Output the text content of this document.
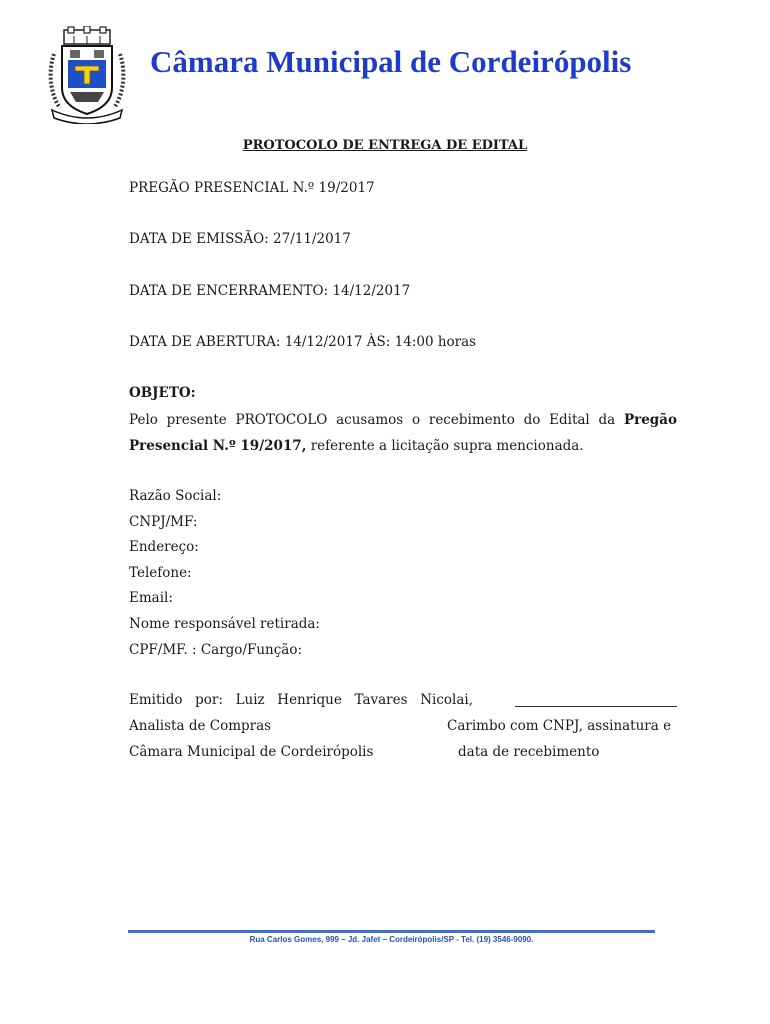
Câmara Municipal de Cordeirópolis
PROTOCOLO DE ENTREGA DE EDITAL
PREGÃO PRESENCIAL N.º 19/2017
DATA DE EMISSÃO: 27/11/2017
DATA DE ENCERRAMENTO: 14/12/2017
DATA DE ABERTURA: 14/12/2017 ÀS: 14:00 horas
OBJETO:
Pelo presente PROTOCOLO acusamos o recebimento do Edital da Pregão Presencial N.º 19/2017, referente a licitação supra mencionada.
Razão Social:
CNPJ/MF:
Endereço:
Telefone:
Email:
Nome responsável retirada:
CPF/MF. : Cargo/Função:
Emitido por: Luiz Henrique Tavares Nicolai,
Analista de Compras	Carimbo com CNPJ, assinatura e
Câmara Municipal de Cordeirópolis	data de recebimento
Rua Carlos Gomes, 999 – Jd. Jafet – Cordeirópolis/SP - Tel. (19) 3546-9090.
